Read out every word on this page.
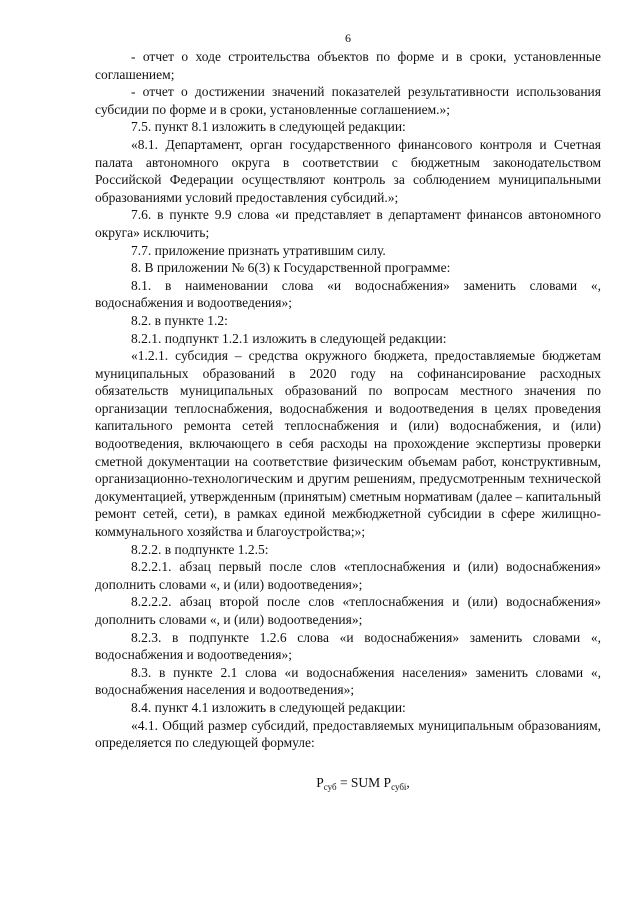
6

- отчет о ходе строительства объектов по форме и в сроки, установленные соглашением;

- отчет о достижении значений показателей результативности использования субсидии по форме и в сроки, установленные соглашением.»;

7.5. пункт 8.1 изложить в следующей редакции:

«8.1. Департамент, орган государственного финансового контроля и Счетная палата автономного округа в соответствии с бюджетным законодательством Российской Федерации осуществляют контроль за соблюдением муниципальными образованиями условий предоставления субсидий.»;

7.6. в пункте 9.9 слова «и представляет в департамент финансов автономного округа» исключить;

7.7. приложение признать утратившим силу.

8. В приложении № 6(3) к Государственной программе:

8.1. в наименовании слова «и водоснабжения» заменить словами «, водоснабжения и водоотведения»;

8.2. в пункте 1.2:

8.2.1. подпункт 1.2.1 изложить в следующей редакции:

«1.2.1. субсидия – средства окружного бюджета, предоставляемые бюджетам муниципальных образований в 2020 году на софинансирование расходных обязательств муниципальных образований по вопросам местного значения по организации теплоснабжения, водоснабжения и водоотведения в целях проведения капитального ремонта сетей теплоснабжения и (или) водоснабжения, и (или) водоотведения, включающего в себя расходы на прохождение экспертизы проверки сметной документации на соответствие физическим объемам работ, конструктивным, организационно-технологическим и другим решениям, предусмотренным технической документацией, утвержденным (принятым) сметным нормативам (далее – капитальный ремонт сетей, сети), в рамках единой межбюджетной субсидии в сфере жилищно-коммунального хозяйства и благоустройства;»;

8.2.2. в подпункте 1.2.5:

8.2.2.1. абзац первый после слов «теплоснабжения и (или) водоснабжения» дополнить словами «, и (или) водоотведения»;

8.2.2.2. абзац второй после слов «теплоснабжения и (или) водоснабжения» дополнить словами «, и (или) водоотведения»;

8.2.3. в подпункте 1.2.6 слова «и водоснабжения» заменить словами «, водоснабжения и водоотведения»;

8.3. в пункте 2.1 слова «и водоснабжения населения» заменить словами «, водоснабжения населения и водоотведения»;

8.4. пункт 4.1 изложить в следующей редакции:

«4.1. Общий размер субсидий, предоставляемых муниципальным образованиям, определяется по следующей формуле:

$P_{суб}$ = SUM $P_{субi}$,
